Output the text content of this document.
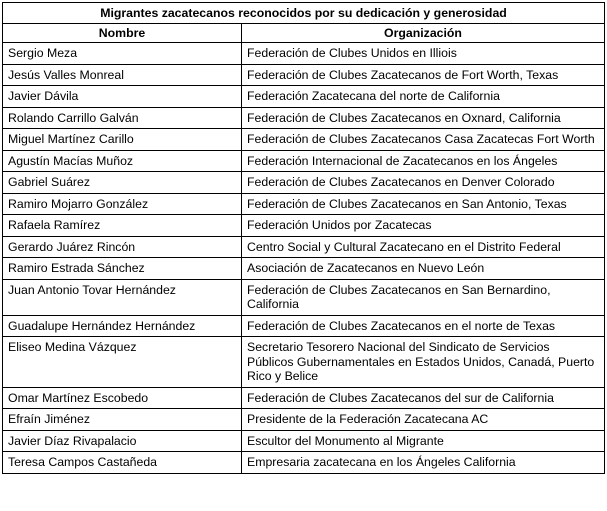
Migrantes zacatecanos reconocidos por su dedicación y generosidad	
Nombre	Organización
Sergio Meza	Federación de Clubes Unidos en Illiois
Jesús Valles Monreal	Federación de Clubes Zacatecanos de Fort Worth, Texas
Javier Dávila	Federación Zacatecana del norte de California
Rolando Carrillo Galván	Federación de Clubes Zacatecanos en Oxnard, California
Miguel Martínez Carillo	Federación de Clubes Zacatecanos Casa Zacatecas Fort Worth
Agustín Macías Muñoz	Federación Internacional de Zacatecanos en los Ángeles
Gabriel Suárez	Federación de Clubes Zacatecanos en Denver Colorado
Ramiro Mojarro González	Federación de Clubes Zacatecanos en San Antonio, Texas
Rafaela Ramírez	Federación Unidos por Zacatecas
Gerardo Juárez Rincón	Centro Social y Cultural Zacatecano en el Distrito Federal
Ramiro Estrada Sánchez	Asociación de Zacatecanos en Nuevo León
Juan Antonio Tovar Hernández	Federación de Clubes Zacatecanos en San Bernardino, California
Guadalupe Hernández Hernández	Federación de Clubes Zacatecanos en el norte de Texas
Eliseo Medina Vázquez	Secretario Tesorero Nacional del Sindicato de Servicios Públicos Gubernamentales en Estados Unidos, Canadá, Puerto Rico y Belice
Omar Martínez Escobedo	Federación de Clubes Zacatecanos del sur de California
Efraín Jiménez	Presidente de la Federación Zacatecana AC
Javier Díaz Rivapalacio	Escultor del Monumento al Migrante
Teresa Campos Castañeda	Empresaria zacatecana en los Ángeles California
